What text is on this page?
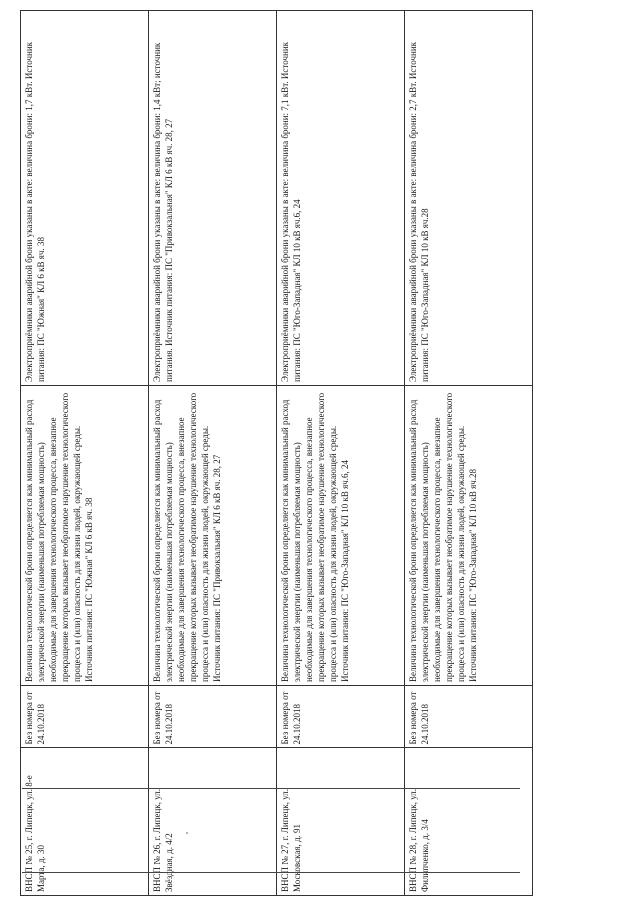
ВНСП № 25, г. Липецк, ул. 8-е Марта, д. 30	Без номера от 24.10.2018	Величина технологической брони определяется как минимальный расход электрической энергии (наименьшая потребляемая мощность) необходимые для завершения технологического процесса, внезапное прекращение которых вызывает необратимое нарушение технологического процесса и (или) опасность для жизни людей, окружающей среды. Источник питания: ПС "Южная" КЛ 6 кВ яч. 38	Электроприёмники аварийной брони указаны в акте: величина брони: 1,7 кВт. Источник питания: ПС "Южная" КЛ 6 кВ яч. 38
ВНСП № 26, г. Липецк, ул. Звёздная, д. 4/2	Без номера от 24.10.2018	Величина технологической брони определяется как минимальный расход электрической энергии (наименьшая потребляемая мощность) необходимые для завершения технологического процесса, внезапное прекращение которых вызывает необратимое нарушение технологического процесса и (или) опасность для жизни людей, окружающей среды. Источник питания: ПС "Привокзальная" КЛ 6 кВ яч. 28, 27	Электроприёмники аварийной брони указаны в акте: величина брони: 1,4 кВт; источник питания. Источник питания: ПС "Привокзальная" КЛ 6 кВ яч. 28, 27
ВНСП № 27, г. Липецк, ул. Московская, д. 91	Без номера от 24.10.2018	Величина технологической брони определяется как минимальный расход электрической энергии (наименьшая потребляемая мощность) необходимые для завершения технологического процесса, внезапное прекращение которых вызывает необратимое нарушение технологического процесса и (или) опасность для жизни людей, окружающей среды. Источник питания: ПС "Юго-Западная" КЛ 10 кВ яч.6, 24	Электроприёмники аварийной брони указаны в акте: величина брони: 7,1 кВт. Источник питания: ПС "Юго-Западная" КЛ 10 кВ яч.6, 24
ВНСП № 28, г. Липецк, ул. Филипченко, д. 3/4	Без номера от 24.10.2018	Величина технологической брони определяется как минимальный расход электрической энергии (наименьшая потребляемая мощность) необходимые для завершения технологического процесса, внезапное прекращение которых вызывает необратимое нарушение технологического процесса и (или) опасность для жизни людей, окружающей среды. Источник питания: ПС "Юго-Западная" КЛ 10 кВ яч.28	Электроприёмники аварийной брони указаны в акте: величина брони: 2,7 кВт. Источник питания: ПС "Юго-Западная" КЛ 10 кВ яч.28
